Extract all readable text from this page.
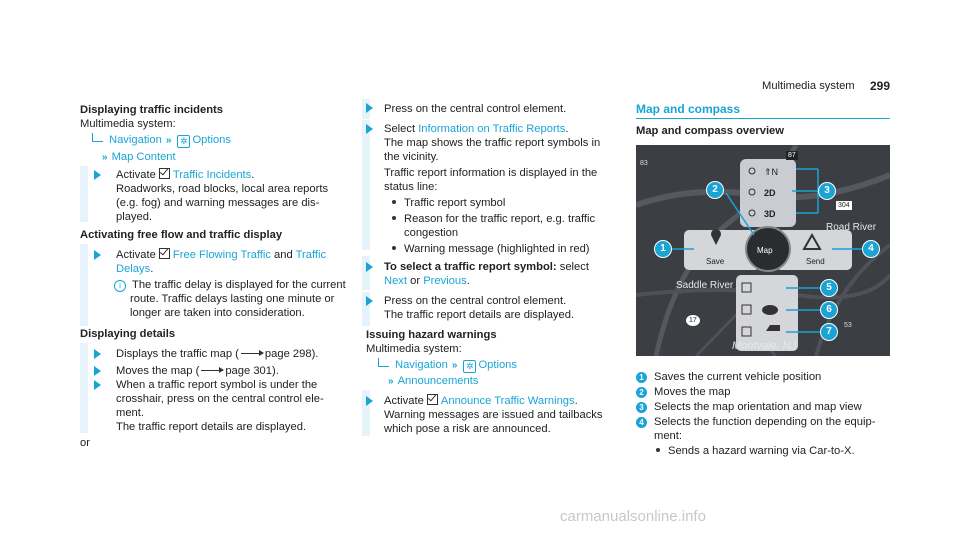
Multimedia system 299
Displaying traffic incidents
Multimedia system:
Navigation » ✲ Options
» Map Content
Activate Traffic Incidents.
Roadworks, road blocks, local area reports
(e.g. fog) and warning messages are dis-
played.
Activating free flow and traffic display
Activate Free Flowing Traffic and Traffic
Delays.
i The traffic delay is displayed for the current
route. Traffic delays lasting one minute or
longer are taken into consideration.
Displaying details
Displays the traffic map ( page 298).
Moves the map ( page 301).
When a traffic report symbol is under the
crosshair, press on the central control ele-
ment.
The traffic report details are displayed.
or
Press on the central control element.
Select Information on Traffic Reports.
The map shows the traffic report symbols in
the vicinity.
Traffic report information is displayed in the
status line:
Traffic report symbol
Reason for the traffic report, e.g. traffic
congestion
Warning message (highlighted in red)
To select a traffic report symbol: select
Next or Previous.
Press on the central control element.
The traffic report details are displayed.
Issuing hazard warnings
Multimedia system:
Navigation » ✲ Options
» Announcements
Activate Announce Traffic Warnings.
Warning messages are issued and tailbacks
which pose a risk are announced.
Map and compass
Map and compass overview
⇑N
2D
3D
Save
Map
Send
Road River
Saddle River
Montvale, NJ
87
304
17
53
83
1
2	3
4
5
6
7
1 Saves the current vehicle position
2 Moves the map
3 Selects the map orientation and map view
4 Selects the function depending on the equip-
ment:
Sends a hazard warning via Car-to-X.
carmanualsonline.info
